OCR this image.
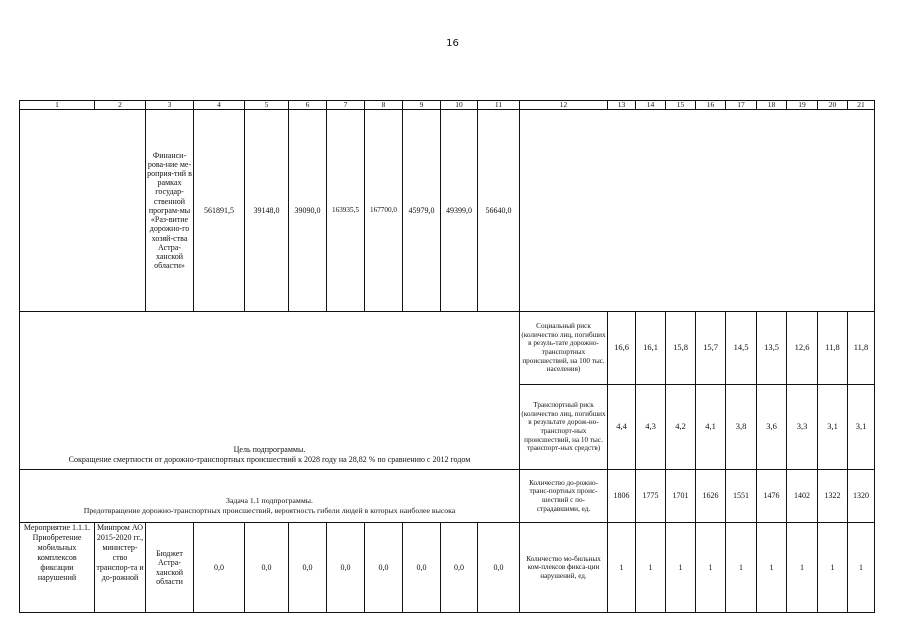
16
1	2	3	4	5	6	7	8	9	10	11	12	13	14	15	16	17	18	19	20	21
		Финанси-рова-ние ме-роприя-тий в рамках государ-ственной програм-мы «Раз-витие дорожно-го хозяй-ства Астра-ханской области»	561891,5	39148,0	39090,0	163935,5	167700,0	45979,0	49399,0	56640,0										

Цель подпрограммы.
Сокращение смертности от дорожно-транспортных происшествий к 2028 году на 28,82 % по сравнению с 2012 годом											Социальный риск (количество лиц, погибших в резуль-тате дорожно-транспортных происшествий, на 100 тыс. населения)	16,6	16,1	15,8	15,7	14,5	13,5	12,6	11,8	11,8
											Транспортный риск (количество лиц, погибших в результате дорож-но-транспорт-ных происшествий, на 10 тыс. транспорт-ных средств)	4,4	4,3	4,2	4,1	3,8	3,6	3,3	3,1	3,1

Задача 1.1 подпрограммы.
Предотвращение дорожно-транспортных происшествий, вероятность гибели людей в которых наиболее высока											Количество до-рожно- транс-портных проис-шествий с по-страдавшими, ед.	1806	1775	1701	1626	1551	1476	1402	1322	1320
Мероприятие 1.1.1. Приобретение мобильных комплексов фиксации нарушений	Минпром АО 2015-2020 гг., министер-ство транспор-та и до-рожной	Бюджет Астра-ханской области	0,0	0,0	0,0	0,0	0,0	0,0	0,0	0,0	Количество мо-бильных ком-плексов фикса-ции нарушений, ед.	1	1	1	1	1	1	1	1	1
